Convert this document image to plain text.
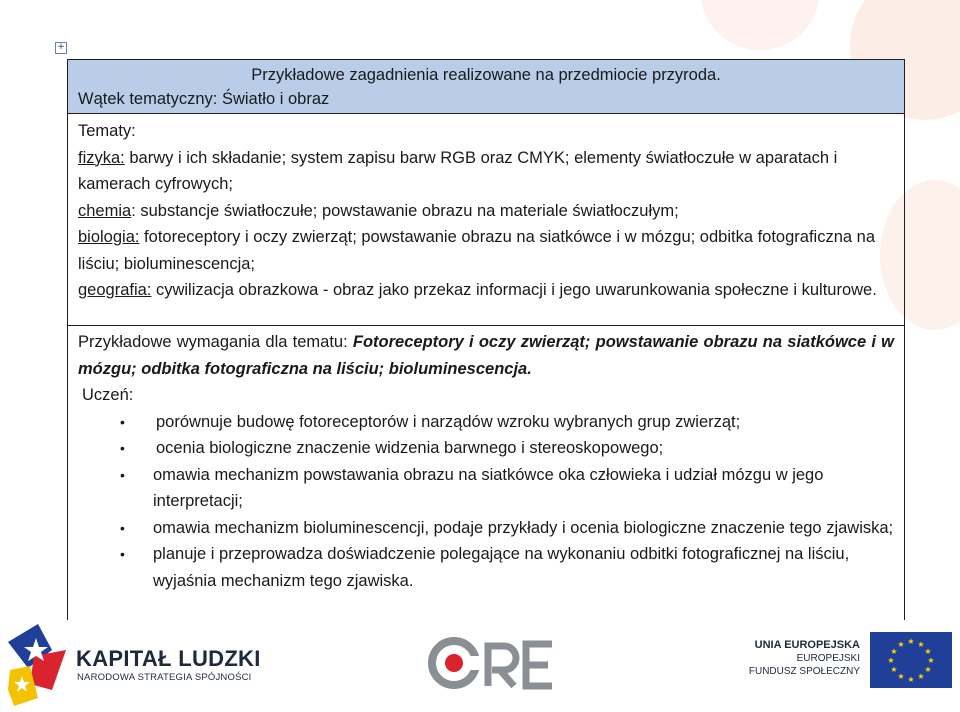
+
Przykładowe zagadnienia realizowane na przedmiocie przyroda.
Wątek tematyczny: Światło i obraz

Tematy:

fizyka: barwy i ich składanie; system zapisu barw RGB oraz CMYK; elementy światłoczułe w aparatach i kamerach cyfrowych;

chemia: substancje światłoczułe; powstawanie obrazu na materiale światłoczułym;

biologia: fotoreceptory i oczy zwierząt; powstawanie obrazu na siatkówce i w mózgu; odbitka fotograficzna na liściu; bioluminescencja;

geografia: cywilizacja obrazkowa - obraz jako przekaz informacji i jego uwarunkowania społeczne i kulturowe.

Przykładowe wymagania dla tematu: Fotoreceptory i oczy zwierząt; powstawanie obrazu na siatkówce i w mózgu; odbitka fotograficzna na liściu; bioluminescencja.

Uczeń:

• porównuje budowę fotoreceptorów i narządów wzroku wybranych grup zwierząt;
• ocenia biologiczne znaczenie widzenia barwnego i stereoskopowego;
• omawia mechanizm powstawania obrazu na siatkówce oka człowieka i udział mózgu w jego interpretacji;
• omawia mechanizm bioluminescencji, podaje przykłady i ocenia biologiczne znaczenie tego zjawiska;
• planuje i przeprowadza doświadczenie polegające na wykonaniu odbitki fotograficznej na liściu, wyjaśnia mechanizm tego zjawiska.
KAPITAŁ LUDZKI
NARODOWA STRATEGIA SPÓJNOŚCI
UNIA EUROPEJSKA
EUROPEJSKI
FUNDUSZ SPOŁECZNY
★ ★
★
★
★
★
★
★
★
★
★
★
